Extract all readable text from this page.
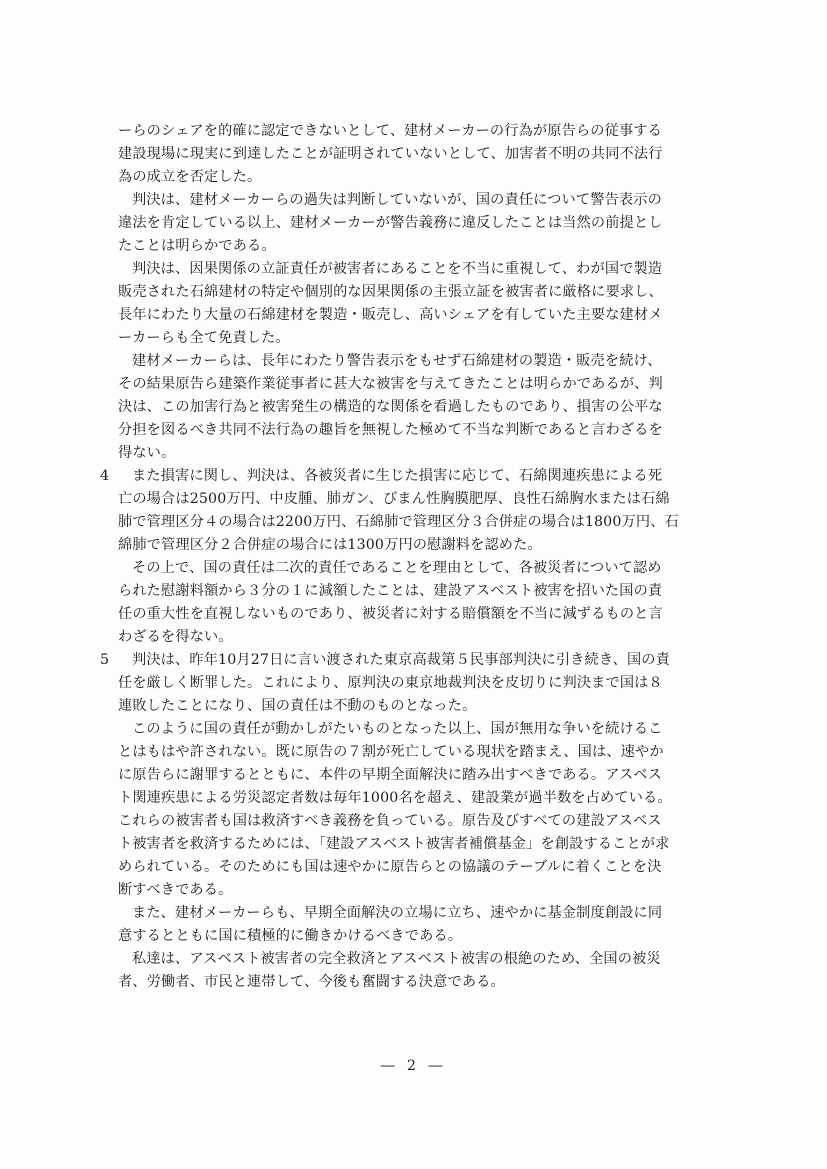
ーらのシェアを的確に認定できないとして、建材メーカーの行為が原告らの従事する
建設現場に現実に到達したことが証明されていないとして、加害者不明の共同不法行
為の成立を否定した。
判決は、建材メーカーらの過失は判断していないが、国の責任について警告表示の
違法を肯定している以上、建材メーカーが警告義務に違反したことは当然の前提とし
たことは明らかである。
判決は、因果関係の立証責任が被害者にあることを不当に重視して、わが国で製造
販売された石綿建材の特定や個別的な因果関係の主張立証を被害者に厳格に要求し、
長年にわたり大量の石綿建材を製造・販売し、高いシェアを有していた主要な建材メ
ーカーらも全て免責した。
建材メーカーらは、長年にわたり警告表示をもせず石綿建材の製造・販売を続け、
その結果原告ら建築作業従事者に甚大な被害を与えてきたことは明らかであるが、判
決は、この加害行為と被害発生の構造的な関係を看過したものであり、損害の公平な
分担を図るべき共同不法行為の趣旨を無視した極めて不当な判断であると言わざるを
得ない。
4 また損害に関し、判決は、各被災者に生じた損害に応じて、石綿関連疾患による死
亡の場合は2500万円、中皮腫、肺ガン、びまん性胸膜肥厚、良性石綿胸水または石綿
肺で管理区分４の場合は2200万円、石綿肺で管理区分３合併症の場合は1800万円、石
綿肺で管理区分２合併症の場合には1300万円の慰謝料を認めた。
その上で、国の責任は二次的責任であることを理由として、各被災者について認め
られた慰謝料額から３分の１に減額したことは、建設アスベスト被害を招いた国の責
任の重大性を直視しないものであり、被災者に対する賠償額を不当に減ずるものと言
わざるを得ない。
5 判決は、昨年10月27日に言い渡された東京高裁第５民事部判決に引き続き、国の責
任を厳しく断罪した。これにより、原判決の東京地裁判決を皮切りに判決まで国は８
連敗したことになり、国の責任は不動のものとなった。
このように国の責任が動かしがたいものとなった以上、国が無用な争いを続けるこ
とはもはや許されない。既に原告の７割が死亡している現状を踏まえ、国は、速やか
に原告らに謝罪するとともに、本件の早期全面解決に踏み出すべきである。アスベス
ト関連疾患による労災認定者数は毎年1000名を超え、建設業が過半数を占めている。
これらの被害者も国は救済すべき義務を負っている。原告及びすべての建設アスベス
ト被害者を救済するためには、「建設アスベスト被害者補償基金」を創設することが求
められている。そのためにも国は速やかに原告らとの協議のテーブルに着くことを決
断すべきである。
また、建材メーカーらも、早期全面解決の立場に立ち、速やかに基金制度創設に同
意するとともに国に積極的に働きかけるべきである。
私達は、アスベスト被害者の完全救済とアスベスト被害の根絶のため、全国の被災
者、労働者、市民と連帯して、今後も奮闘する決意である。
― 2 ―
